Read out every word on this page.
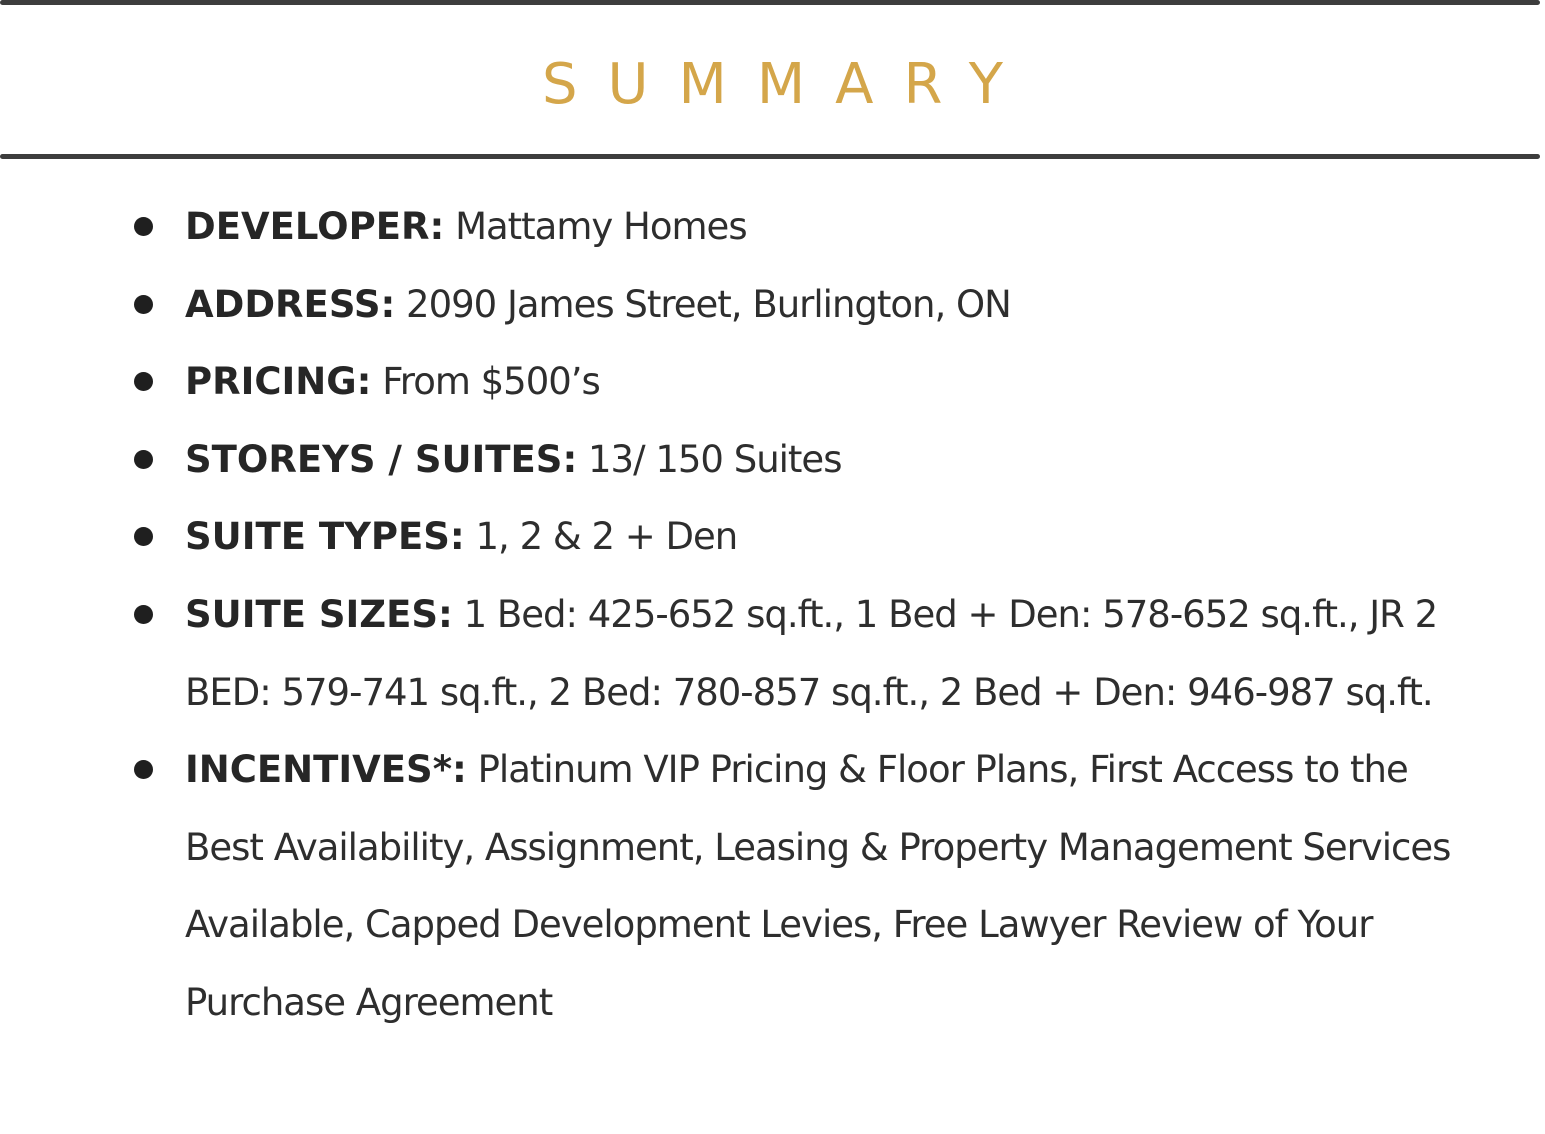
SUMMARY
DEVELOPER: Mattamy Homes
ADDRESS: 2090 James Street, Burlington, ON
PRICING: From $500’s
STOREYS / SUITES: 13/ 150 Suites
SUITE TYPES: 1, 2 & 2 + Den
SUITE SIZES: 1 Bed: 425-652 sq.ft., 1 Bed + Den: 578-652 sq.ft., JR 2 BED: 579-741 sq.ft., 2 Bed: 780-857 sq.ft., 2 Bed + Den: 946-987 sq.ft.
INCENTIVES*: Platinum VIP Pricing & Floor Plans, First Access to the Best Availability, Assignment, Leasing & Property Management Services Available, Capped Development Levies, Free Lawyer Review of Your Purchase Agreement
